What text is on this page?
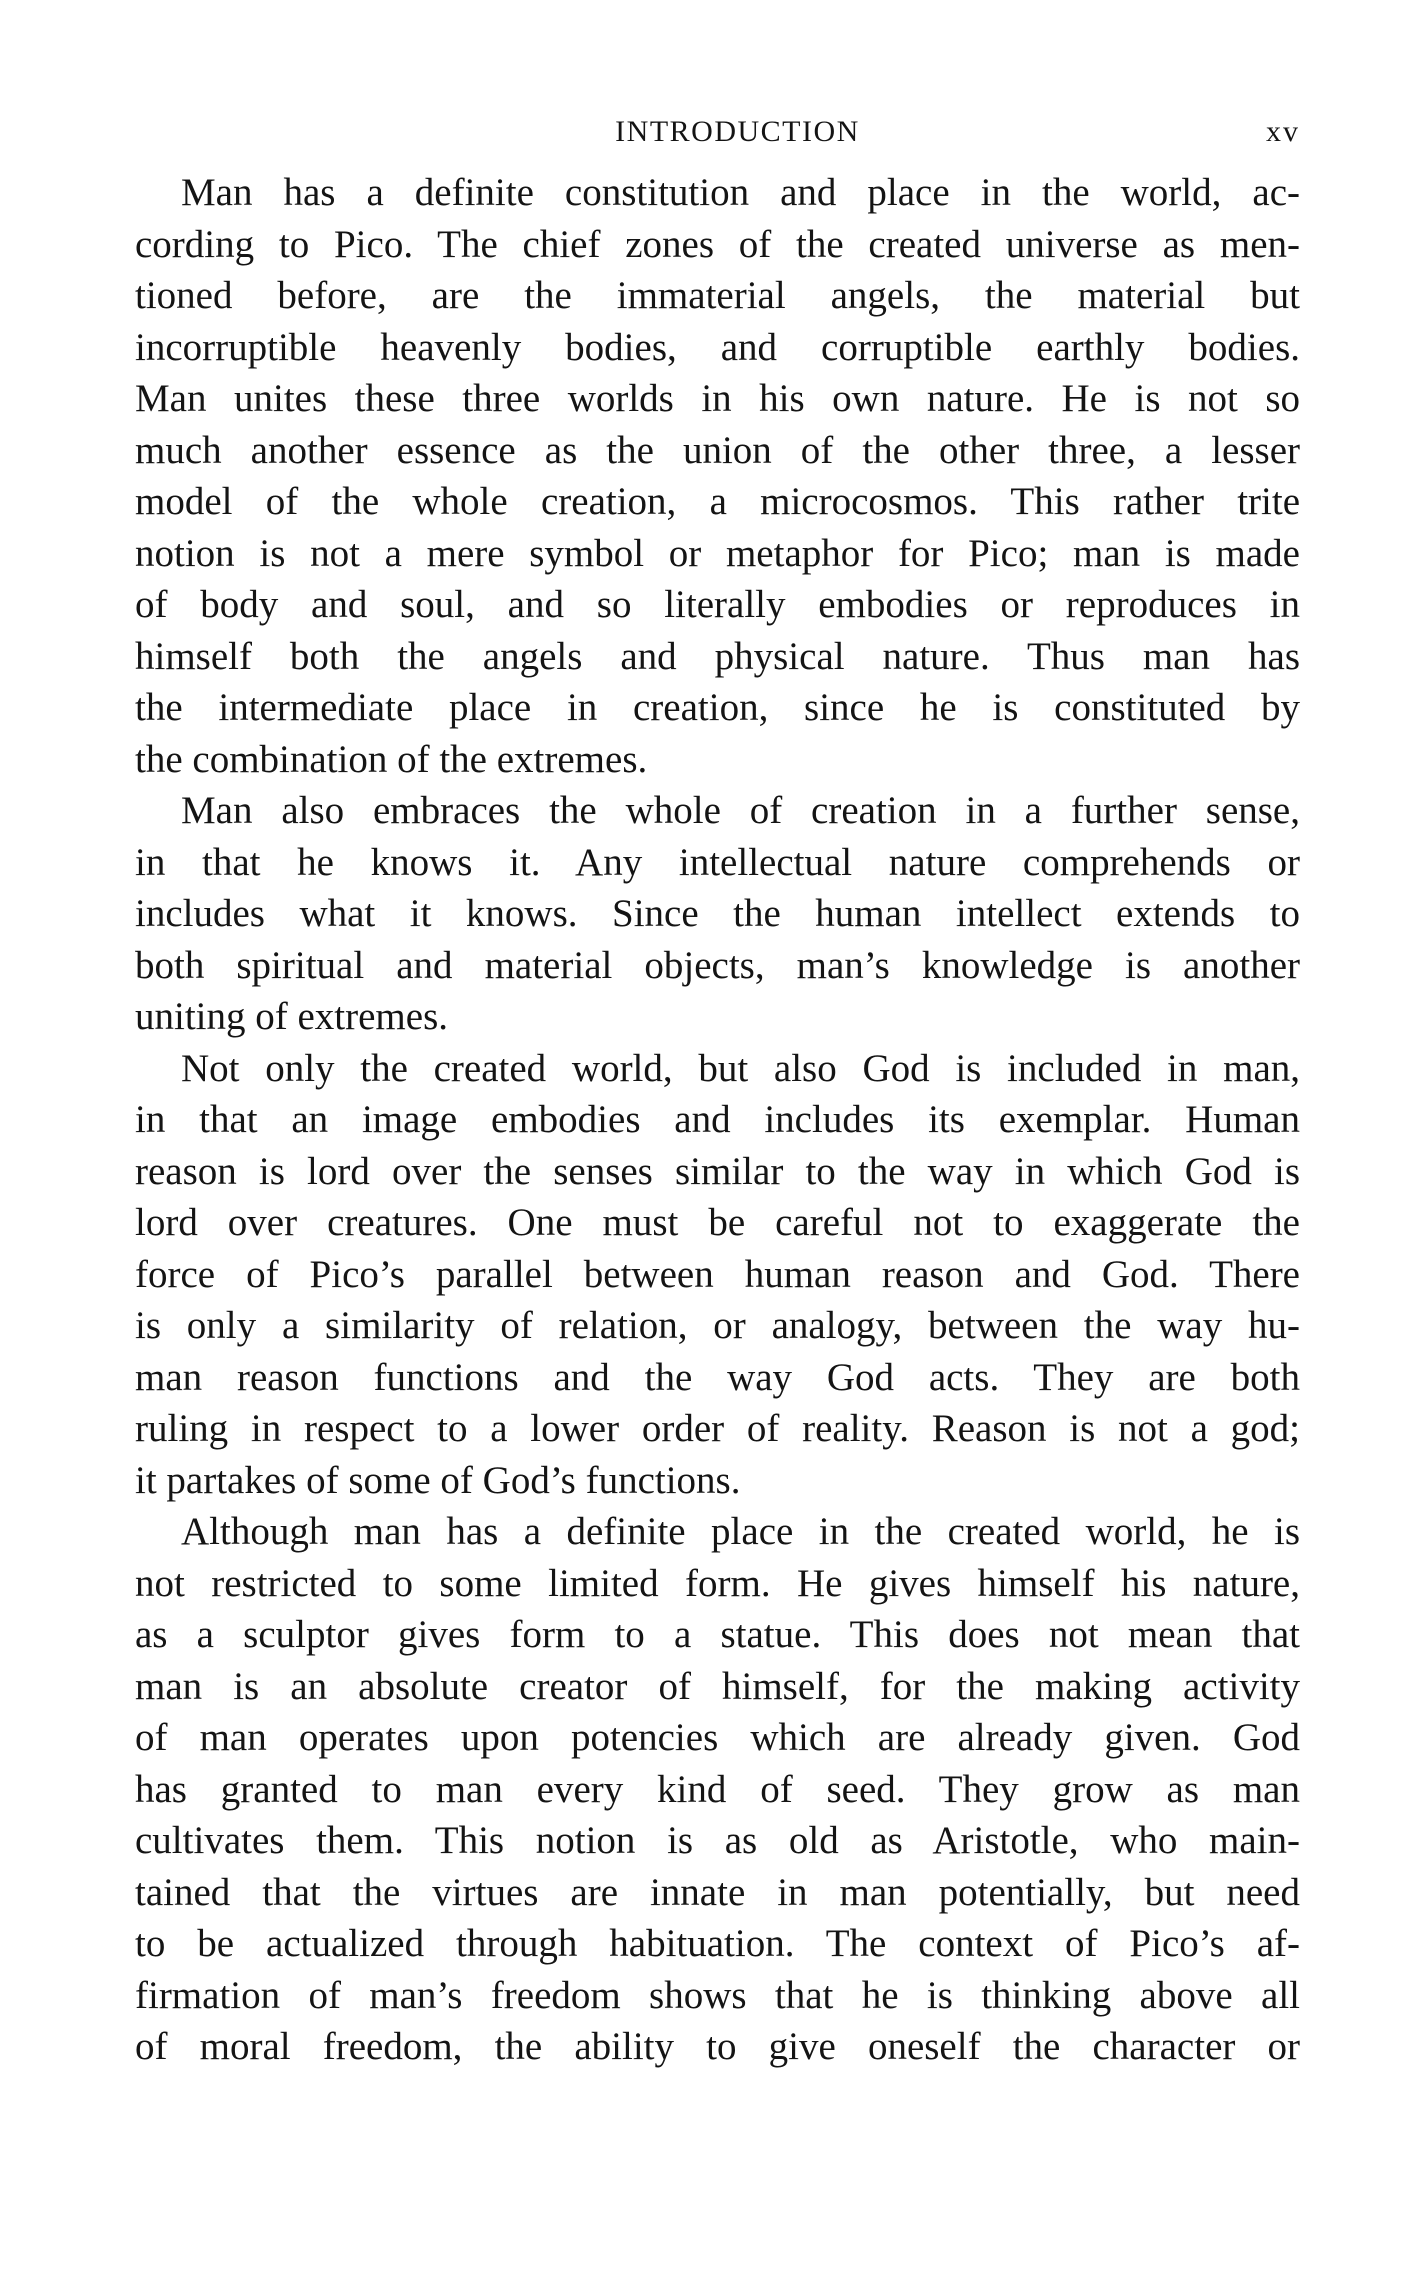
INTRODUCTION	xv

Man has a definite constitution and place in the world, ac-
cording to Pico. The chief zones of the created universe as men-
tioned before, are the immaterial angels, the material but
incorruptible heavenly bodies, and corruptible earthly bodies.
Man unites these three worlds in his own nature. He is not so
much another essence as the union of the other three, a lesser
model of the whole creation, a microcosmos. This rather trite
notion is not a mere symbol or metaphor for Pico; man is made
of body and soul, and so literally embodies or reproduces in
himself both the angels and physical nature. Thus man has
the intermediate place in creation, since he is constituted by
the combination of the extremes.

Man also embraces the whole of creation in a further sense,
in that he knows it. Any intellectual nature comprehends or
includes what it knows. Since the human intellect extends to
both spiritual and material objects, man’s knowledge is another
uniting of extremes.

Not only the created world, but also God is included in man,
in that an image embodies and includes its exemplar. Human
reason is lord over the senses similar to the way in which God is
lord over creatures. One must be careful not to exaggerate the
force of Pico’s parallel between human reason and God. There
is only a similarity of relation, or analogy, between the way hu-
man reason functions and the way God acts. They are both
ruling in respect to a lower order of reality. Reason is not a god;
it partakes of some of God’s functions.

Although man has a definite place in the created world, he is
not restricted to some limited form. He gives himself his nature,
as a sculptor gives form to a statue. This does not mean that
man is an absolute creator of himself, for the making activity
of man operates upon potencies which are already given. God
has granted to man every kind of seed. They grow as man
cultivates them. This notion is as old as Aristotle, who main-
tained that the virtues are innate in man potentially, but need
to be actualized through habituation. The context of Pico’s af-
firmation of man’s freedom shows that he is thinking above all
of moral freedom, the ability to give oneself the character or
